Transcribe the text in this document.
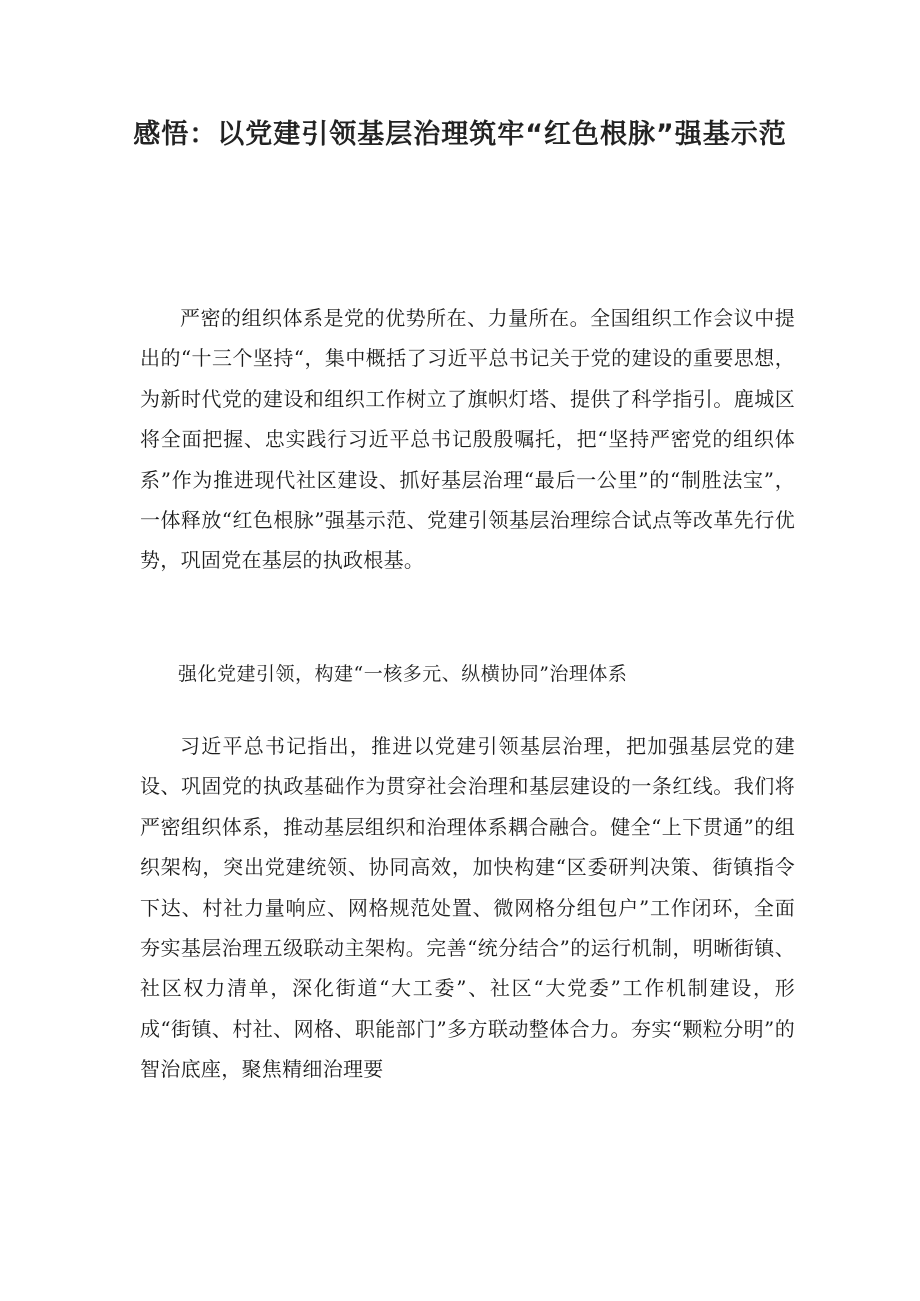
感悟：以党建引领基层治理筑牢“红色根脉”强基示范

严密的组织体系是党的优势所在、力量所在。全国组织工作会议中提出的“十三个坚持“，集中概括了习近平总书记关于党的建设的重要思想，为新时代党的建设和组织工作树立了旗帜灯塔、提供了科学指引。鹿城区将全面把握、忠实践行习近平总书记殷殷嘱托，把“坚持严密党的组织体系”作为推进现代社区建设、抓好基层治理“最后一公里”的“制胜法宝”，一体释放“红色根脉”强基示范、党建引领基层治理综合试点等改革先行优势，巩固党在基层的执政根基。

强化党建引领，构建“一核多元、纵横协同”治理体系

习近平总书记指出，推进以党建引领基层治理，把加强基层党的建设、巩固党的执政基础作为贯穿社会治理和基层建设的一条红线。我们将严密组织体系，推动基层组织和治理体系耦合融合。健全“上下贯通”的组织架构，突出党建统领、协同高效，加快构建“区委研判决策、街镇指令下达、村社力量响应、网格规范处置、微网格分组包户”工作闭环，全面夯实基层治理五级联动主架构。完善“统分结合”的运行机制，明晰街镇、社区权力清单，深化街道“大工委”、社区“大党委”工作机制建设，形成“街镇、村社、网格、职能部门”多方联动整体合力。夯实“颗粒分明”的智治底座，聚焦精细治理要
